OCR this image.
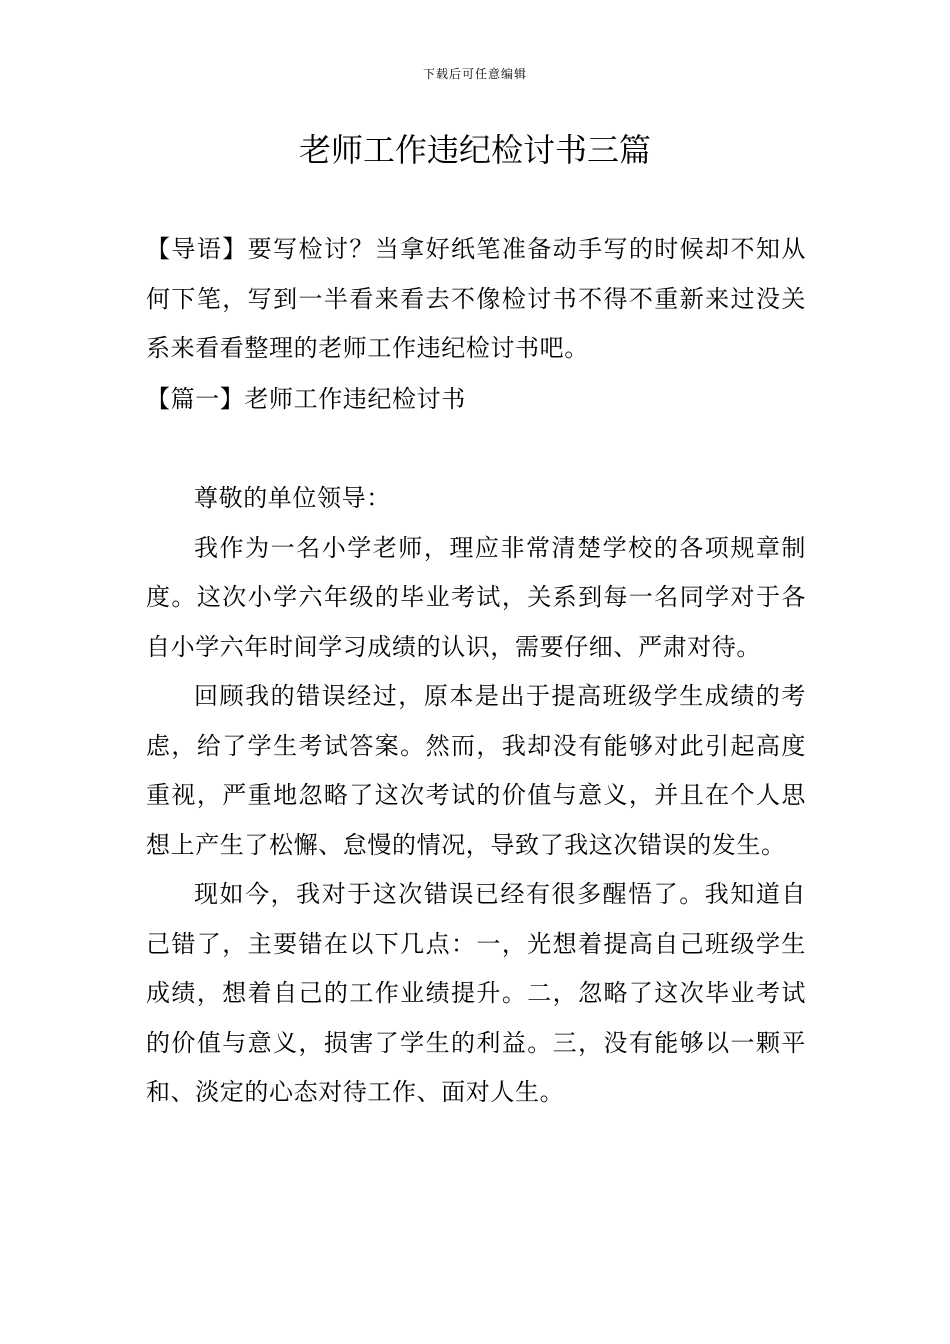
下载后可任意编辑
老师工作违纪检讨书三篇

【导语】要写检讨？当拿好纸笔准备动手写的时候却不知从何下笔，写到一半看来看去不像检讨书不得不重新来过没关系来看看整理的老师工作违纪检讨书吧。

【篇一】老师工作违纪检讨书

尊敬的单位领导：

我作为一名小学老师，理应非常清楚学校的各项规章制度。这次小学六年级的毕业考试，关系到每一名同学对于各自小学六年时间学习成绩的认识，需要仔细、严肃对待。

回顾我的错误经过，原本是出于提高班级学生成绩的考虑，给了学生考试答案。然而，我却没有能够对此引起高度重视，严重地忽略了这次考试的价值与意义，并且在个人思想上产生了松懈、怠慢的情况，导致了我这次错误的发生。

现如今，我对于这次错误已经有很多醒悟了。我知道自己错了，主要错在以下几点：一，光想着提高自己班级学生成绩，想着自己的工作业绩提升。二，忽略了这次毕业考试的价值与意义，损害了学生的利益。三，没有能够以一颗平和、淡定的心态对待工作、面对人生。
